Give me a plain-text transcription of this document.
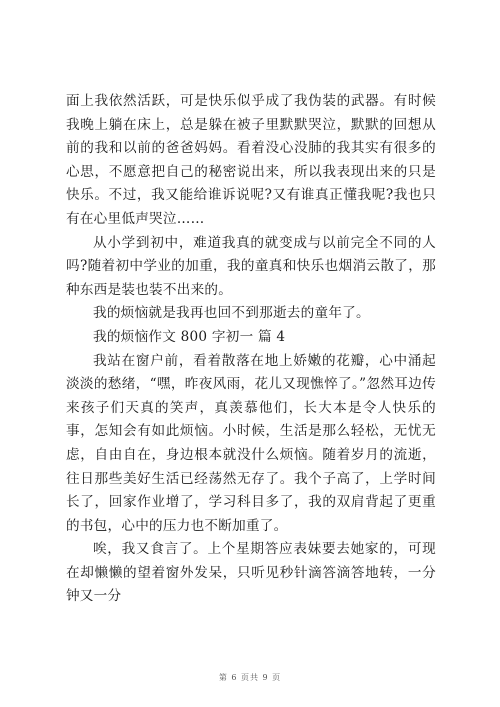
面上我依然活跃，可是快乐似乎成了我伪装的武器。有时候我晚上躺在床上，总是躲在被子里默默哭泣，默默的回想从前的我和以前的爸爸妈妈。看着没心没肺的我其实有很多的心思，不愿意把自己的秘密说出来，所以我表现出来的只是快乐。不过，我又能给谁诉说呢?又有谁真正懂我呢?我也只有在心里低声哭泣……

从小学到初中，难道我真的就变成与以前完全不同的人吗?随着初中学业的加重，我的童真和快乐也烟消云散了，那种东西是装也装不出来的。

我的烦恼就是我再也回不到那逝去的童年了。

我的烦恼作文 800 字初一 篇 4

我站在窗户前，看着散落在地上娇嫩的花瓣，心中涌起淡淡的愁绪，“嘿，昨夜风雨，花儿又现憔悴了。”忽然耳边传来孩子们天真的笑声，真羡慕他们，长大本是令人快乐的事，怎知会有如此烦恼。小时候，生活是那么轻松，无忧无虑，自由自在，身边根本就没什么烦恼。随着岁月的流逝，往日那些美好生活已经荡然无存了。我个子高了，上学时间长了，回家作业增了，学习科目多了，我的双肩背起了更重的书包，心中的压力也不断加重了。

唉，我又食言了。上个星期答应表妹要去她家的，可现在却懒懒的望着窗外发呆，只听见秒针滴答滴答地转，一分钟又一分

第 6 页共 9 页
